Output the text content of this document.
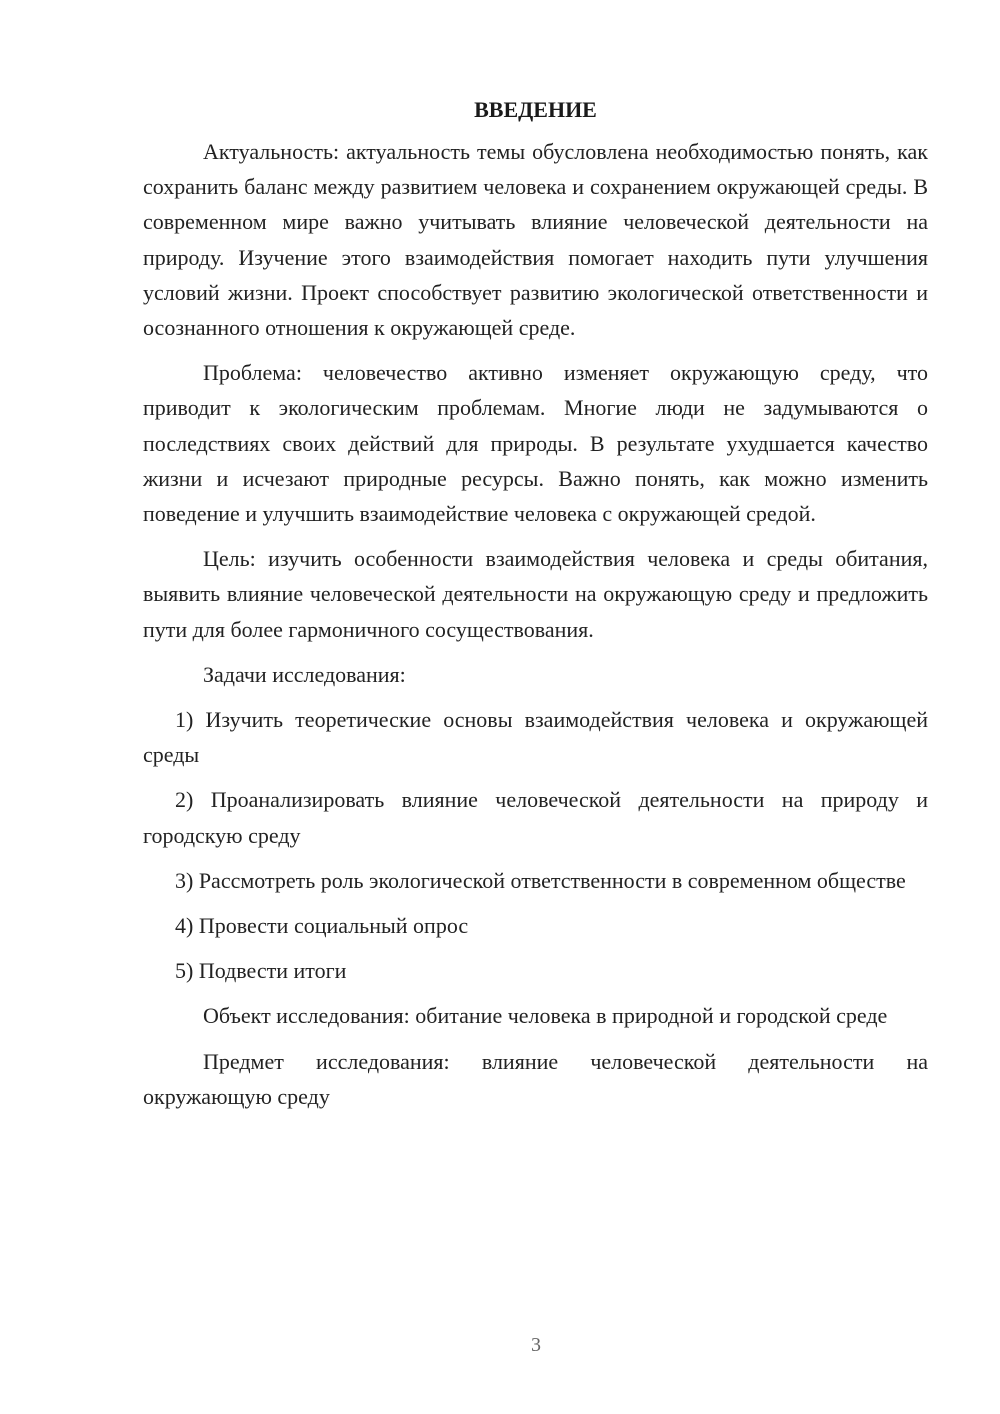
ВВЕДЕНИЕ

Актуальность: актуальность темы обусловлена необходимостью понять, как сохранить баланс между развитием человека и сохранением окружающей среды. В современном мире важно учитывать влияние человеческой деятельности на природу. Изучение этого взаимодействия помогает находить пути улучшения условий жизни. Проект способствует развитию экологической ответственности и осознанного отношения к окружающей среде.

Проблема: человечество активно изменяет окружающую среду, что приводит к экологическим проблемам. Многие люди не задумываются о последствиях своих действий для природы. В результате ухудшается качество жизни и исчезают природные ресурсы. Важно понять, как можно изменить поведение и улучшить взаимодействие человека с окружающей средой.

Цель: изучить особенности взаимодействия человека и среды обитания, выявить влияние человеческой деятельности на окружающую среду и предложить пути для более гармоничного сосуществования.

Задачи исследования:

1) Изучить теоретические основы взаимодействия человека и окружающей среды

2) Проанализировать влияние человеческой деятельности на природу и городскую среду

3) Рассмотреть роль экологической ответственности в современном обществе

4) Провести социальный опрос

5) Подвести итоги

Объект исследования: обитание человека в природной и городской среде

Предмет исследования: влияние человеческой деятельности на окружающую среду

3
